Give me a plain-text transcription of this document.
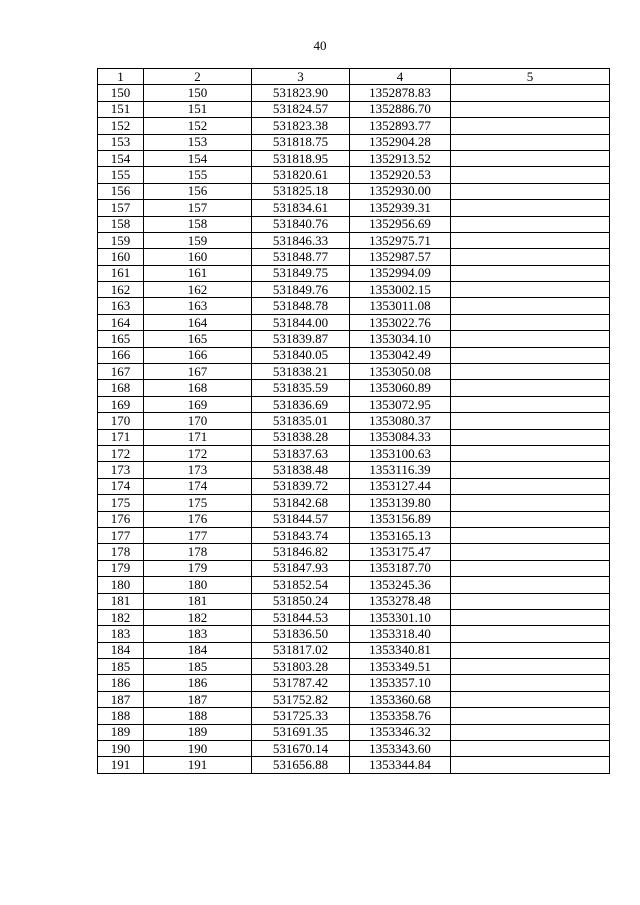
40
1	2	3	4	5
150	150	531823.90	1352878.83	
151	151	531824.57	1352886.70	
152	152	531823.38	1352893.77	
153	153	531818.75	1352904.28	
154	154	531818.95	1352913.52	
155	155	531820.61	1352920.53	
156	156	531825.18	1352930.00	
157	157	531834.61	1352939.31	
158	158	531840.76	1352956.69	
159	159	531846.33	1352975.71	
160	160	531848.77	1352987.57	
161	161	531849.75	1352994.09	
162	162	531849.76	1353002.15	
163	163	531848.78	1353011.08	
164	164	531844.00	1353022.76	
165	165	531839.87	1353034.10	
166	166	531840.05	1353042.49	
167	167	531838.21	1353050.08	
168	168	531835.59	1353060.89	
169	169	531836.69	1353072.95	
170	170	531835.01	1353080.37	
171	171	531838.28	1353084.33	
172	172	531837.63	1353100.63	
173	173	531838.48	1353116.39	
174	174	531839.72	1353127.44	
175	175	531842.68	1353139.80	
176	176	531844.57	1353156.89	
177	177	531843.74	1353165.13	
178	178	531846.82	1353175.47	
179	179	531847.93	1353187.70	
180	180	531852.54	1353245.36	
181	181	531850.24	1353278.48	
182	182	531844.53	1353301.10	
183	183	531836.50	1353318.40	
184	184	531817.02	1353340.81	
185	185	531803.28	1353349.51	
186	186	531787.42	1353357.10	
187	187	531752.82	1353360.68	
188	188	531725.33	1353358.76	
189	189	531691.35	1353346.32	
190	190	531670.14	1353343.60	
191	191	531656.88	1353344.84	
